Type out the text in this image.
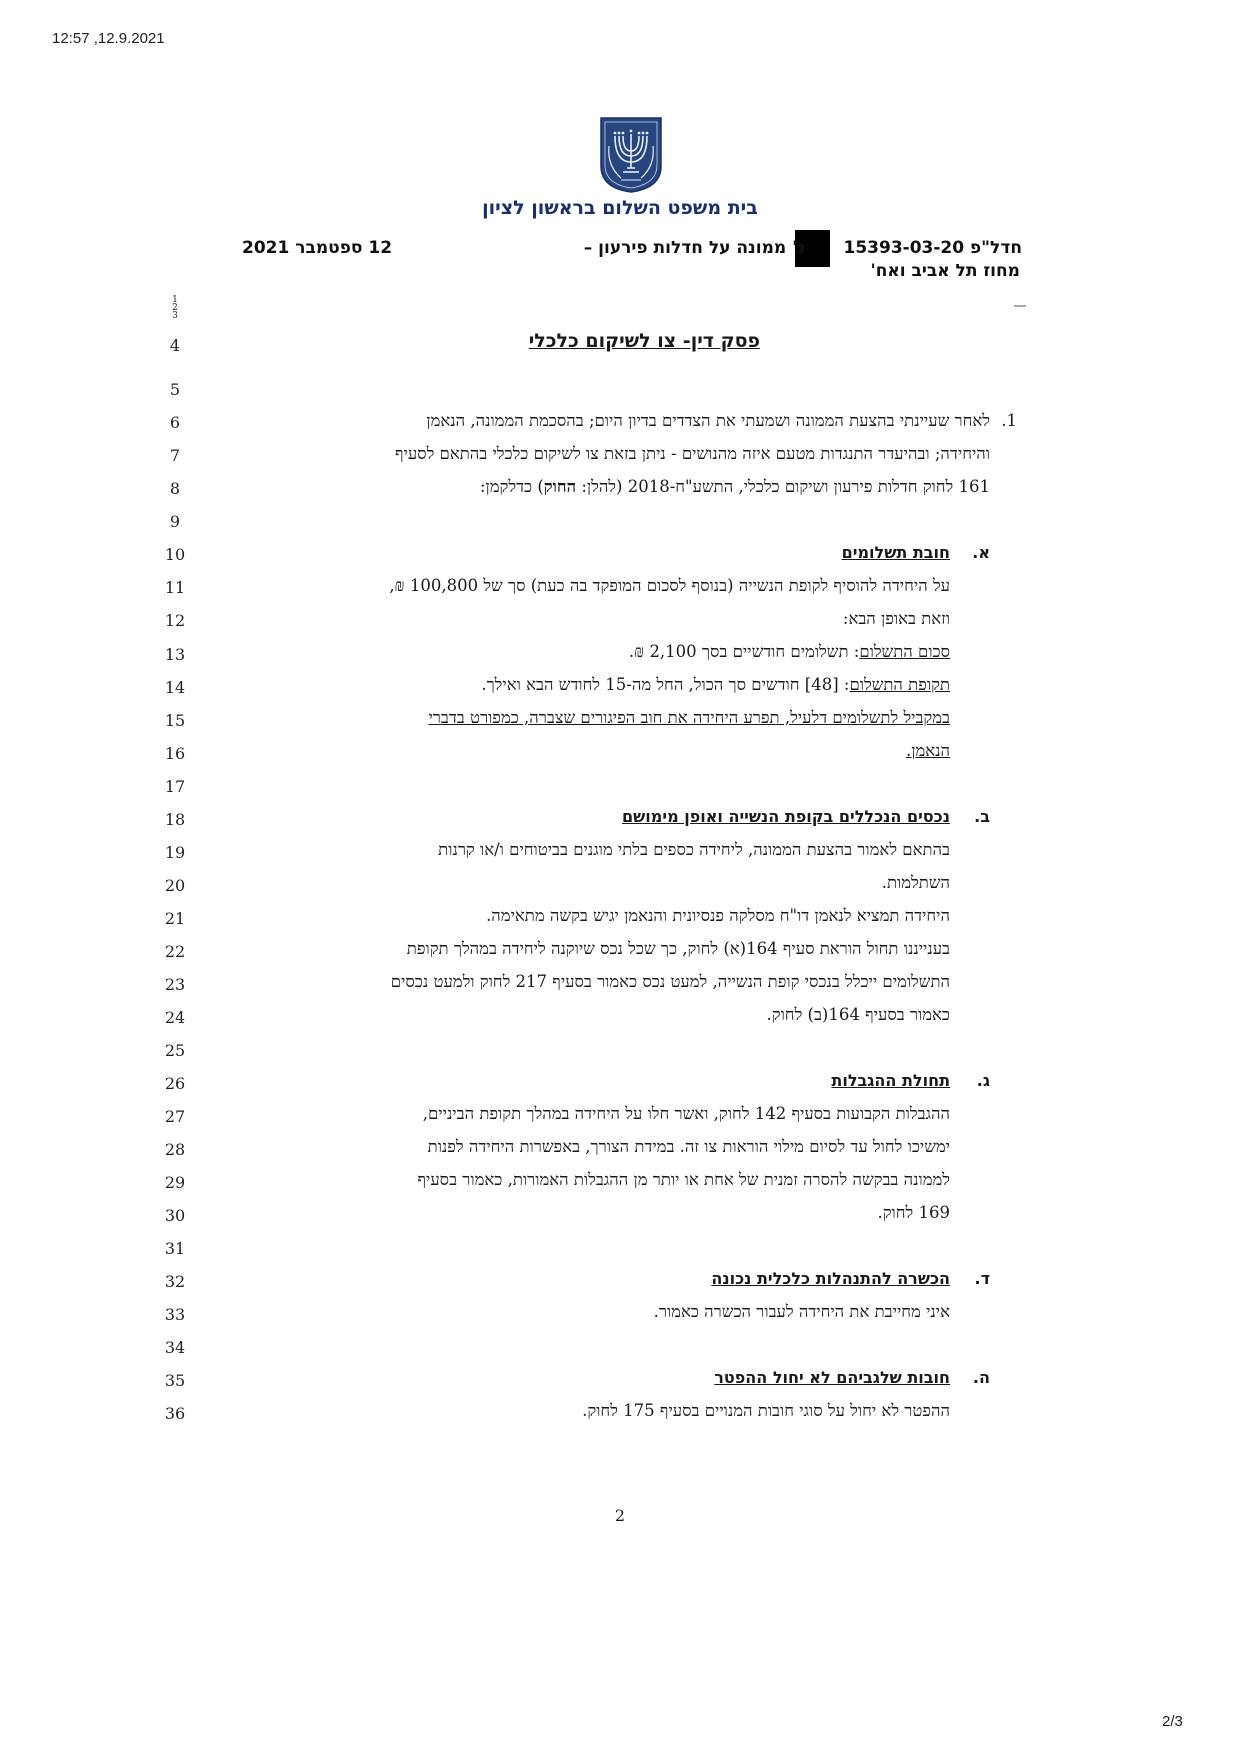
12:57 ,12.9.2021
2/3
בית משפט השלום בראשון לציון
חדל"פ 15393-03-20
נ' ממונה על חדלות פירעון –
12 ספטמבר 2021
מחוז תל אביב ואח'
1
2
3
4
5
6
7
8
9
10
11
12
13
14
15
16
17
18
19
20
21
22
23
24
25
26
27
28
29
30
31
32
33
34
35
36
פסק דין- צו לשיקום כלכלי
1.
לאחר שעיינתי בהצעת הממונה ושמעתי את הצדדים בדיון היום; בהסכמת הממונה, הנאמן
והיחידה; ובהיעדר התנגדות מטעם איזה מהנושים - ניתן בזאת צו לשיקום כלכלי בהתאם לסעיף
161 לחוק חדלות פירעון ושיקום כלכלי, התשע"ח-2018 (להלן: החוק) כדלקמן:
א.
חובת תשלומים
על היחידה להוסיף לקופת הנשייה (בנוסף לסכום המופקד בה כעת) סך של 100,800 ₪,
וזאת באופן הבא:
סכום התשלום: תשלומים חודשיים בסך 2,100 ₪.
תקופת התשלום: [48] חודשים סך הכול, החל מה-15 לחודש הבא ואילך.
במקביל לתשלומים דלעיל, תפרע היחידה את חוב הפיגורים שצברה, כמפורט בדברי
הנאמן.
ב.
נכסים הנכללים בקופת הנשייה ואופן מימושם
בהתאם לאמור בהצעת הממונה, ליחידה כספים בלתי מוגנים בביטוחים ו/או קרנות
השתלמות.
היחידה תמציא לנאמן דו"ח מסלקה פנסיונית והנאמן יגיש בקשה מתאימה.
בענייננו תחול הוראת סעיף 164(א) לחוק, כך שכל נכס שיוקנה ליחידה במהלך תקופת
התשלומים ייכלל בנכסי קופת הנשייה, למעט נכס כאמור בסעיף 217 לחוק ולמעט נכסים
כאמור בסעיף 164(ב) לחוק.
ג.
תחולת ההגבלות
ההגבלות הקבועות בסעיף 142 לחוק, ואשר חלו על היחידה במהלך תקופת הביניים,
ימשיכו לחול עד לסיום מילוי הוראות צו זה. במידת הצורך, באפשרות היחידה לפנות
לממונה בבקשה להסרה זמנית של אחת או יותר מן ההגבלות האמורות, כאמור בסעיף
169 לחוק.
ד.
הכשרה להתנהלות כלכלית נכונה
איני מחייבת את היחידה לעבור הכשרה כאמור.
ה.
חובות שלגביהם לא יחול ההפטר
ההפטר לא יחול על סוגי חובות המנויים בסעיף 175 לחוק.
2
